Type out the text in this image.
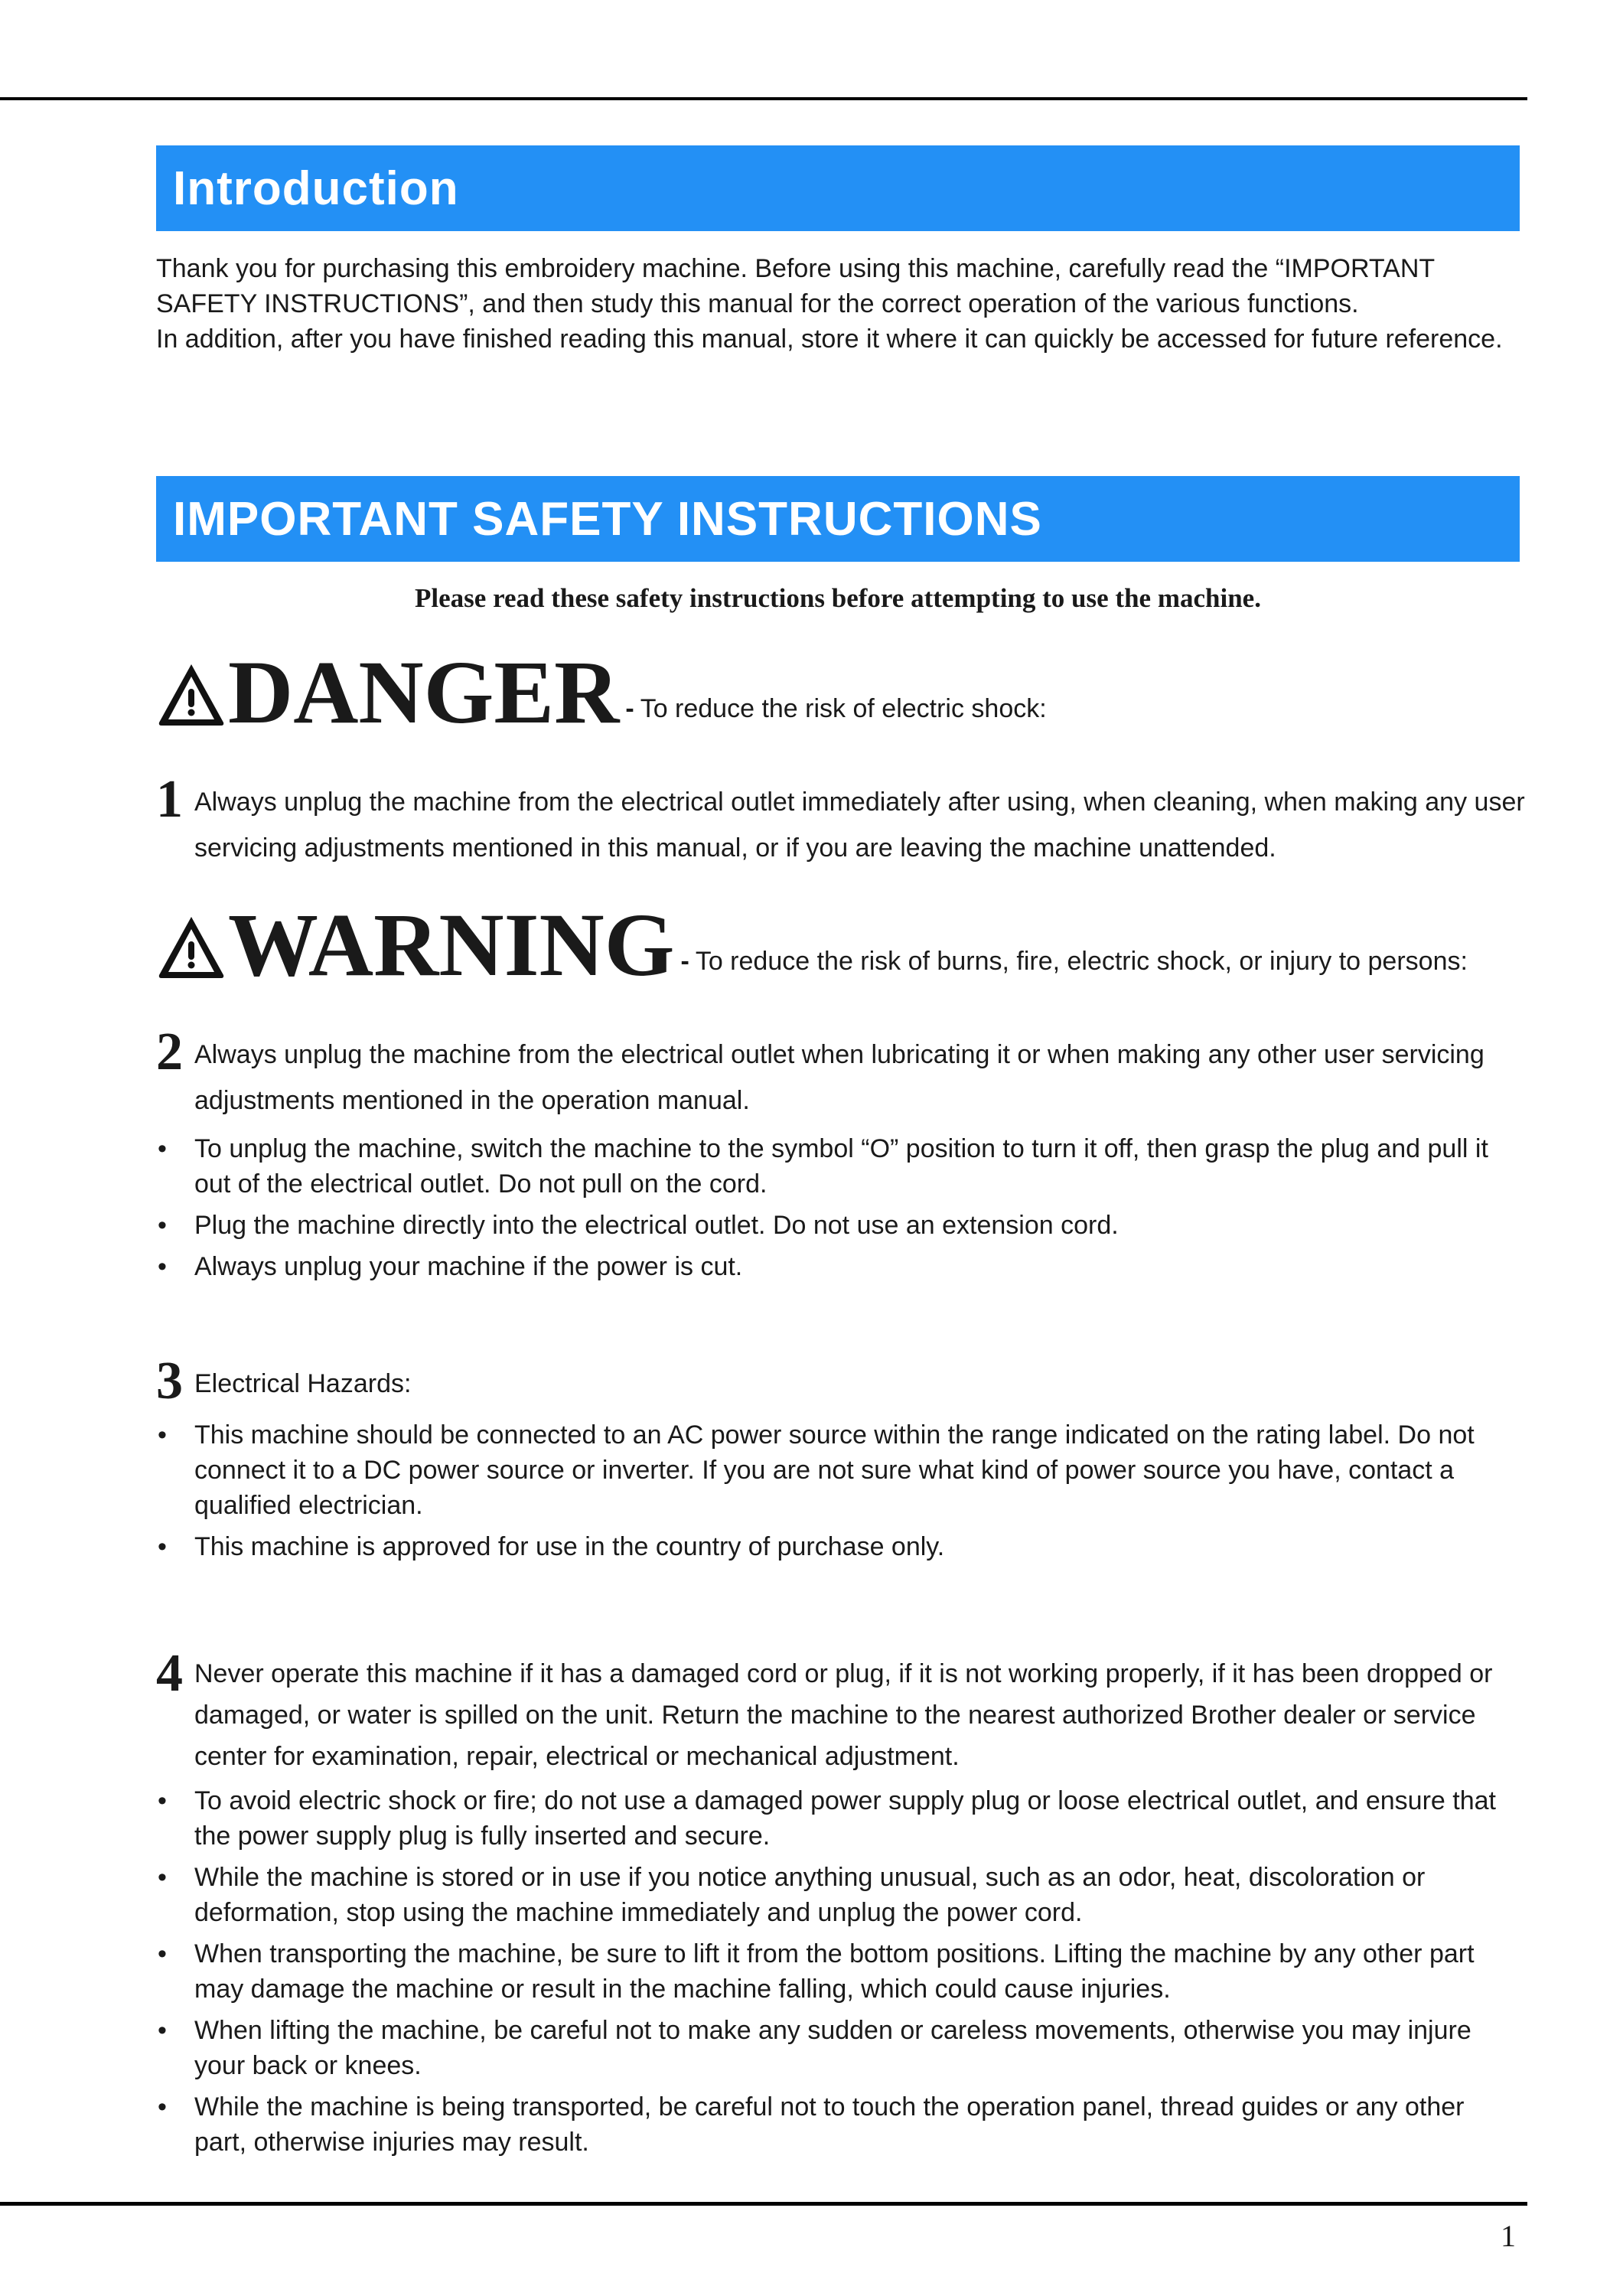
Introduction

Thank you for purchasing this embroidery machine. Before using this machine, carefully read the “IMPORTANT SAFETY INSTRUCTIONS”, and then study this manual for the correct operation of the various functions.

In addition, after you have finished reading this manual, store it where it can quickly be accessed for future reference.

IMPORTANT SAFETY INSTRUCTIONS
Please read these safety instructions before attempting to use the machine.
DANGER - To reduce the risk of electric shock:
1 Always unplug the machine from the electrical outlet immediately after using, when cleaning, when making any user servicing adjustments mentioned in this manual, or if you are leaving the machine unattended.
WARNING - To reduce the risk of burns, fire, electric shock, or injury to persons:
2 Always unplug the machine from the electrical outlet when lubricating it or when making any other user servicing adjustments mentioned in the operation manual.
• To unplug the machine, switch the machine to the symbol “O” position to turn it off, then grasp the plug and pull it out of the electrical outlet. Do not pull on the cord.
• Plug the machine directly into the electrical outlet. Do not use an extension cord.
• Always unplug your machine if the power is cut.
3 Electrical Hazards:
• This machine should be connected to an AC power source within the range indicated on the rating label. Do not connect it to a DC power source or inverter. If you are not sure what kind of power source you have, contact a qualified electrician.
• This machine is approved for use in the country of purchase only.
4 Never operate this machine if it has a damaged cord or plug, if it is not working properly, if it has been dropped or damaged, or water is spilled on the unit. Return the machine to the nearest authorized Brother dealer or service center for examination, repair, electrical or mechanical adjustment.
• To avoid electric shock or fire; do not use a damaged power supply plug or loose electrical outlet, and ensure that the power supply plug is fully inserted and secure.
• While the machine is stored or in use if you notice anything unusual, such as an odor, heat, discoloration or deformation, stop using the machine immediately and unplug the power cord.
• When transporting the machine, be sure to lift it from the bottom positions. Lifting the machine by any other part may damage the machine or result in the machine falling, which could cause injuries.
• When lifting the machine, be careful not to make any sudden or careless movements, otherwise you may injure your back or knees.
• While the machine is being transported, be careful not to touch the operation panel, thread guides or any other part, otherwise injuries may result.
1
